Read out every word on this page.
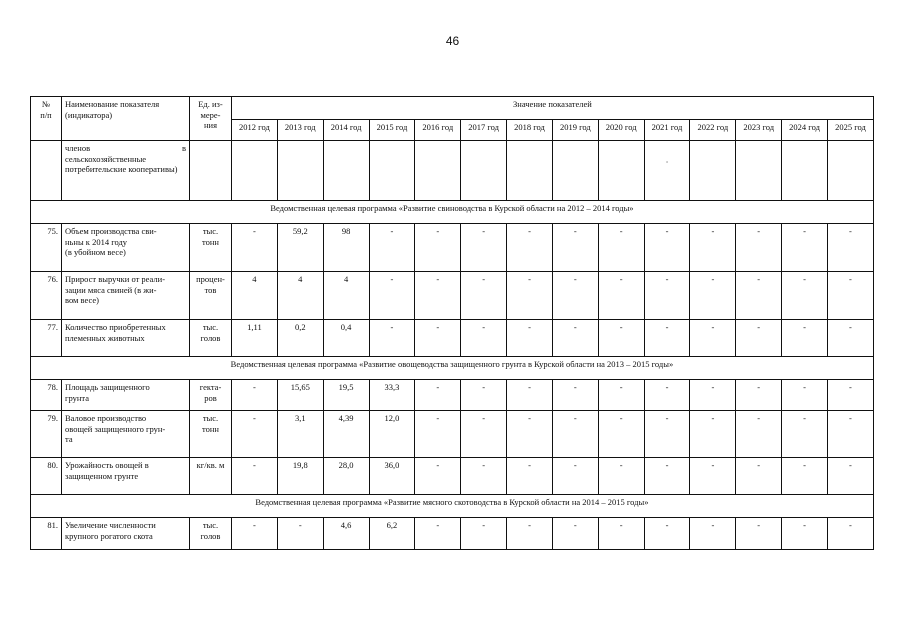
46
№
п/п	Наименование показателя (индикатора)	Ед. из-
мере-
ния	Значение показателей													
			2012 год	2013 год	2014 год	2015 год	2016 год	2017 год	2018 год	2019 год	2020 год	2021 год	2022 год	2023 год	2024 год	2025 год

	членов в
сельскохозяйственные потребительские кооперативы)											·				
Ведомственная целевая программа «Развитие свиноводства в Курской области на 2012 – 2014 годы»																
75.	Объем производства сви-
ньны к 2014 году
(в убойном весе)	тыс.
тонн	-	59,2	98	-	-	-	-	-	-	-	-	-	-	-
76.	Прирост выручки от реали-
зации мяса свиней (в жи-
вом весе)	процен-
тов	4	4	4	-	-	-	-	-	-	-	-	-	-	-
77.	Количество приобретенных
племенных животных	тыс.
голов	1,11	0,2	0,4	-	-	-	-	-	-	-	-	-	-	-
Ведомственная целевая программа «Развитие овощеводства защищенного грунта в Курской области на 2013 – 2015 годы»																
78.	Площадь защищенного
грунта	гекта-
ров	-	15,65	19,5	33,3	-	-	-	-	-	-	-	-	-	-
79.	Валовое производство
овощей защищенного грун-
та	тыс.
тонн	-	3,1	4,39	12,0	-	-	-	-	-	-	-	-	-	-
80.	Урожайность овощей в
защищенном грунте	кг/кв. м	-	19,8	28,0	36,0	-	-	-	-	-	-	-	-	-	-
Ведомственная целевая программа «Развитие мясного скотоводства в Курской области на 2014 – 2015 годы»																
81.	Увеличение численности
крупного рогатого скота	тыс.
голов	-	-	4,6	6,2	-	-	-	-	-	-	-	-	-	-
